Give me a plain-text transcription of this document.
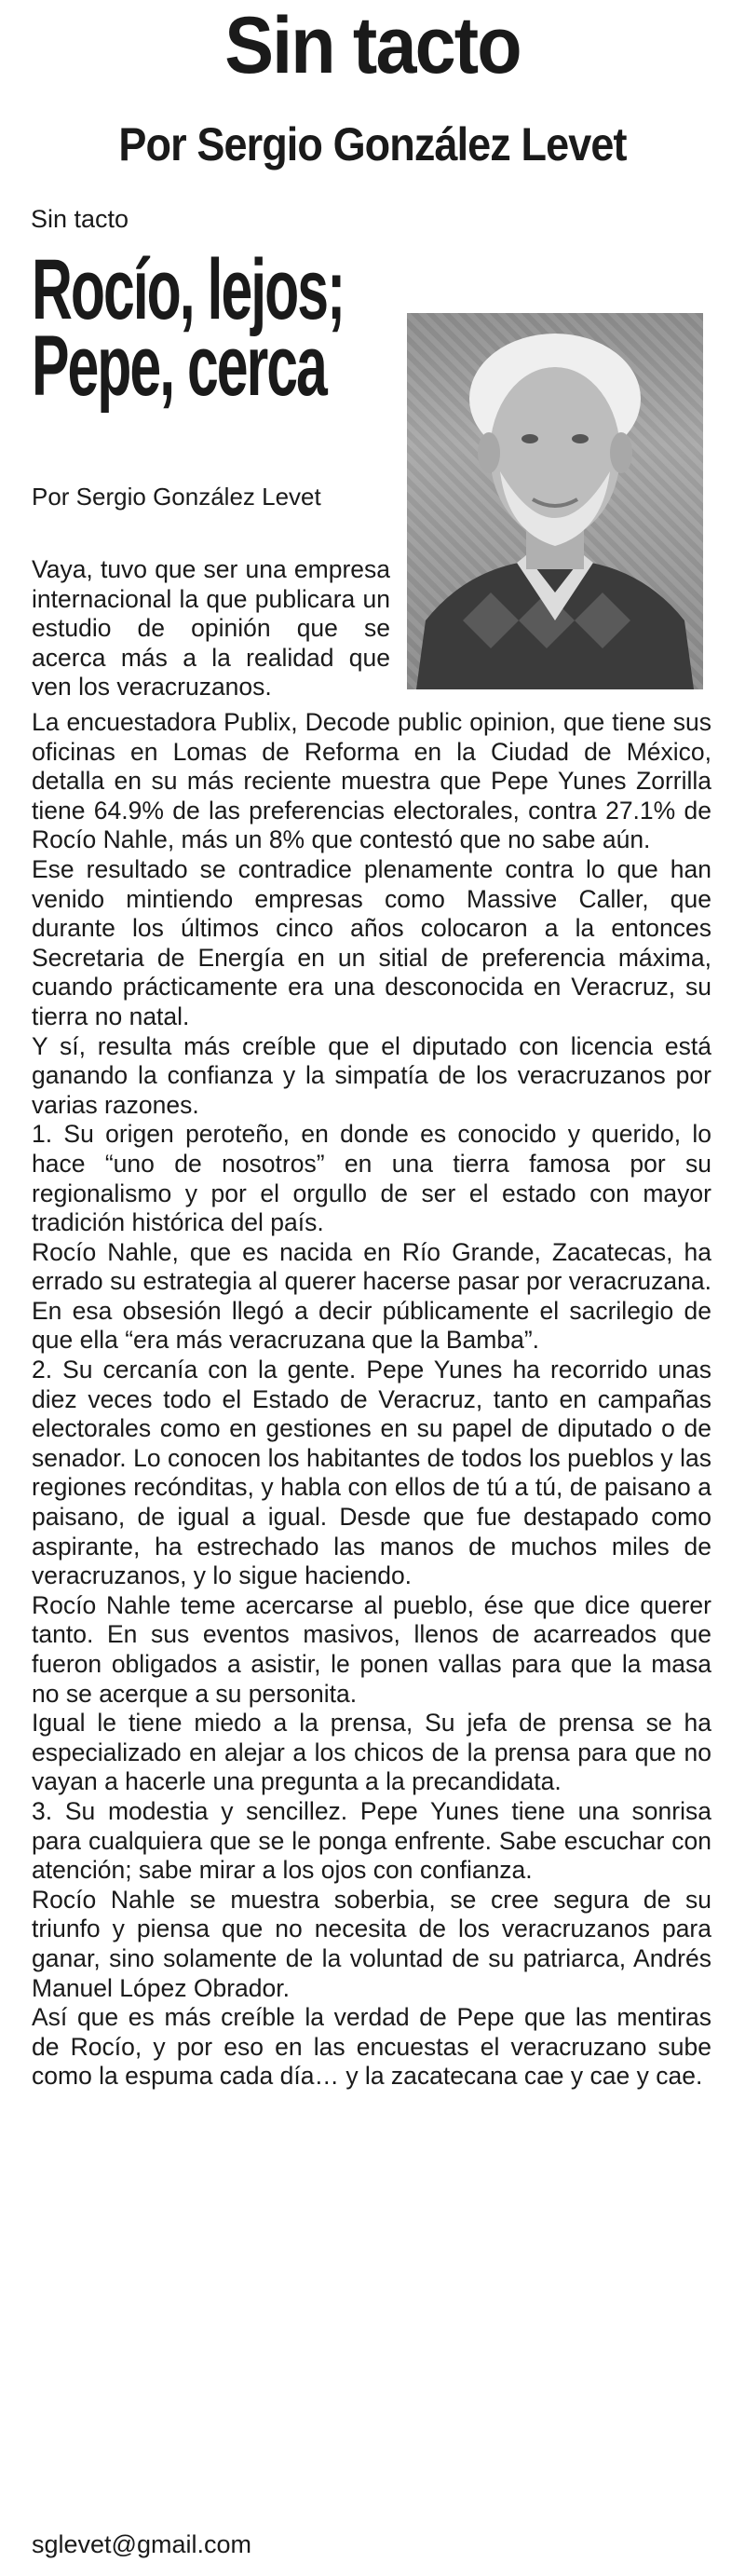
Sin tacto
Por Sergio González Levet
Sin tacto
Rocío, lejos;
Pepe, cerca
Por Sergio González Levet

Vaya, tuvo que ser una empresa internacional la que publicara un estudio de opinión que se acerca más a la realidad que ven los veracruzanos.

La encuestadora Publix, Decode public opinion, que tiene sus oficinas en Lomas de Reforma en la Ciudad de México, detalla en su más reciente muestra que Pepe Yunes Zorrilla tiene 64.9% de las preferencias electorales, contra 27.1% de Rocío Nahle, más un 8% que contestó que no sabe aún.

Ese resultado se contradice plenamente contra lo que han venido mintiendo empresas como Massive Caller, que durante los últimos cinco años colocaron a la entonces Secretaria de Energía en un sitial de preferencia máxima, cuando prácticamente era una desconocida en Veracruz, su tierra no natal.

Y sí, resulta más creíble que el diputado con licencia está ganando la confianza y la simpatía de los veracruzanos por varias razones.

1. Su origen peroteño, en donde es conocido y querido, lo hace “uno de nosotros” en una tierra famosa por su regionalismo y por el orgullo de ser el estado con mayor tradición histórica del país.

Rocío Nahle, que es nacida en Río Grande, Zacatecas, ha errado su estrategia al querer hacerse pasar por veracruzana. En esa obsesión llegó a decir públicamente el sacrilegio de que ella “era más veracruzana que la Bamba”.

2. Su cercanía con la gente. Pepe Yunes ha recorrido unas diez veces todo el Estado de Veracruz, tanto en campañas electorales como en gestiones en su papel de diputado o de senador. Lo conocen los habitantes de todos los pueblos y las regiones recónditas, y habla con ellos de tú a tú, de paisano a paisano, de igual a igual. Desde que fue destapado como aspirante, ha estrechado las manos de muchos miles de veracruzanos, y lo sigue haciendo.

Rocío Nahle teme acercarse al pueblo, ése que dice querer tanto. En sus eventos masivos, llenos de acarreados que fueron obligados a asistir, le ponen vallas para que la masa no se acerque a su personita.

Igual le tiene miedo a la prensa, Su jefa de prensa se ha especializado en alejar a los chicos de la prensa para que no vayan a hacerle una pregunta a la precandidata.

3. Su modestia y sencillez. Pepe Yunes tiene una sonrisa para cualquiera que se le ponga enfrente. Sabe escuchar con atención; sabe mirar a los ojos con confianza.

Rocío Nahle se muestra soberbia, se cree segura de su triunfo y piensa que no necesita de los veracruzanos para ganar, sino solamente de la voluntad de su patriarca, Andrés Manuel López Obrador.

Así que es más creíble la verdad de Pepe que las mentiras de Rocío, y por eso en las encuestas el veracruzano sube como la espuma cada día… y la zacatecana cae y cae y cae.

sglevet@gmail.com
